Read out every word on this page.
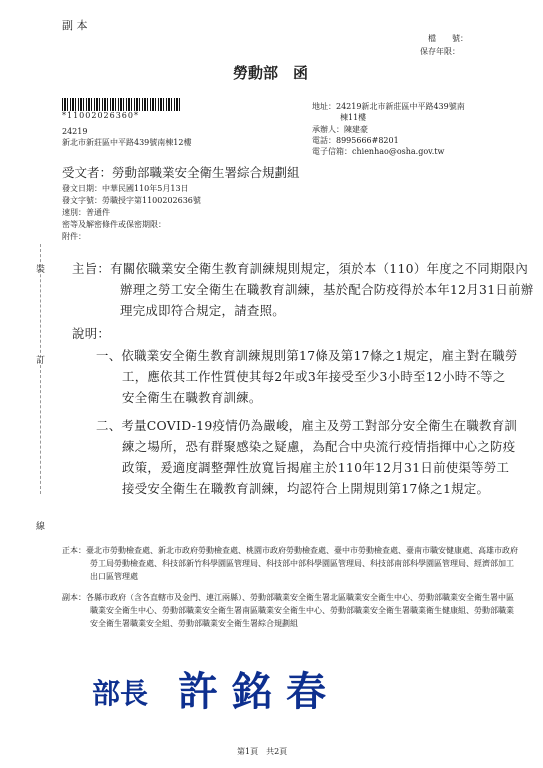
副 本
檔　　號：
保存年限：
勞動部　函
*11002026360*
24219
新北市新莊區中平路439號南棟12樓
地址：24219新北市新莊區中平路439號南
棟11樓
承辦人：陳建豪
電話：8995666#8201
電子信箱：chienhao@osha.gov.tw
受文者：勞動部職業安全衛生署綜合規劃組
發文日期：中華民國110年5月13日
發文字號：勞職授字第1100202636號
速別：普通件
密等及解密條件或保密期限：
附件：
裝
訂
線
主旨：有關依職業安全衛生教育訓練規則規定，須於本（110）年度之不同期限內辦理之勞工安全衛生在職教育訓練，基於配合防疫得於本年12月31日前辦理完成即符合規定，請查照。
說明：
一、依職業安全衛生教育訓練規則第17條及第17條之1規定，雇主對在職勞工，應依其工作性質使其每2年或3年接受至少3小時至12小時不等之安全衛生在職教育訓練。
二、考量COVID-19疫情仍為嚴峻，雇主及勞工對部分安全衛生在職教育訓練之場所，恐有群聚感染之疑慮，為配合中央流行疫情指揮中心之防疫政策，爰適度調整彈性放寬旨揭雇主於110年12月31日前使渠等勞工接受安全衛生在職教育訓練，均認符合上開規則第17條之1規定。
正本：臺北市勞動檢查處、新北市政府勞動檢查處、桃園市政府勞動檢查處、臺中市勞動檢查處、臺南市職安健康處、高雄市政府勞工局勞動檢查處、科技部新竹科學園區管理局、科技部中部科學園區管理局、科技部南部科學園區管理局、經濟部加工出口區管理處
副本：各縣市政府（含各直轄市及金門、連江兩縣）、勞動部職業安全衛生署北區職業安全衛生中心、勞動部職業安全衛生署中區職業安全衛生中心、勞動部職業安全衛生署南區職業安全衛生中心、勞動部職業安全衛生署職業衛生健康組、勞動部職業安全衛生署職業安全組、勞動部職業安全衛生署綜合規劃組
部長 許銘春
第1頁　共2頁
